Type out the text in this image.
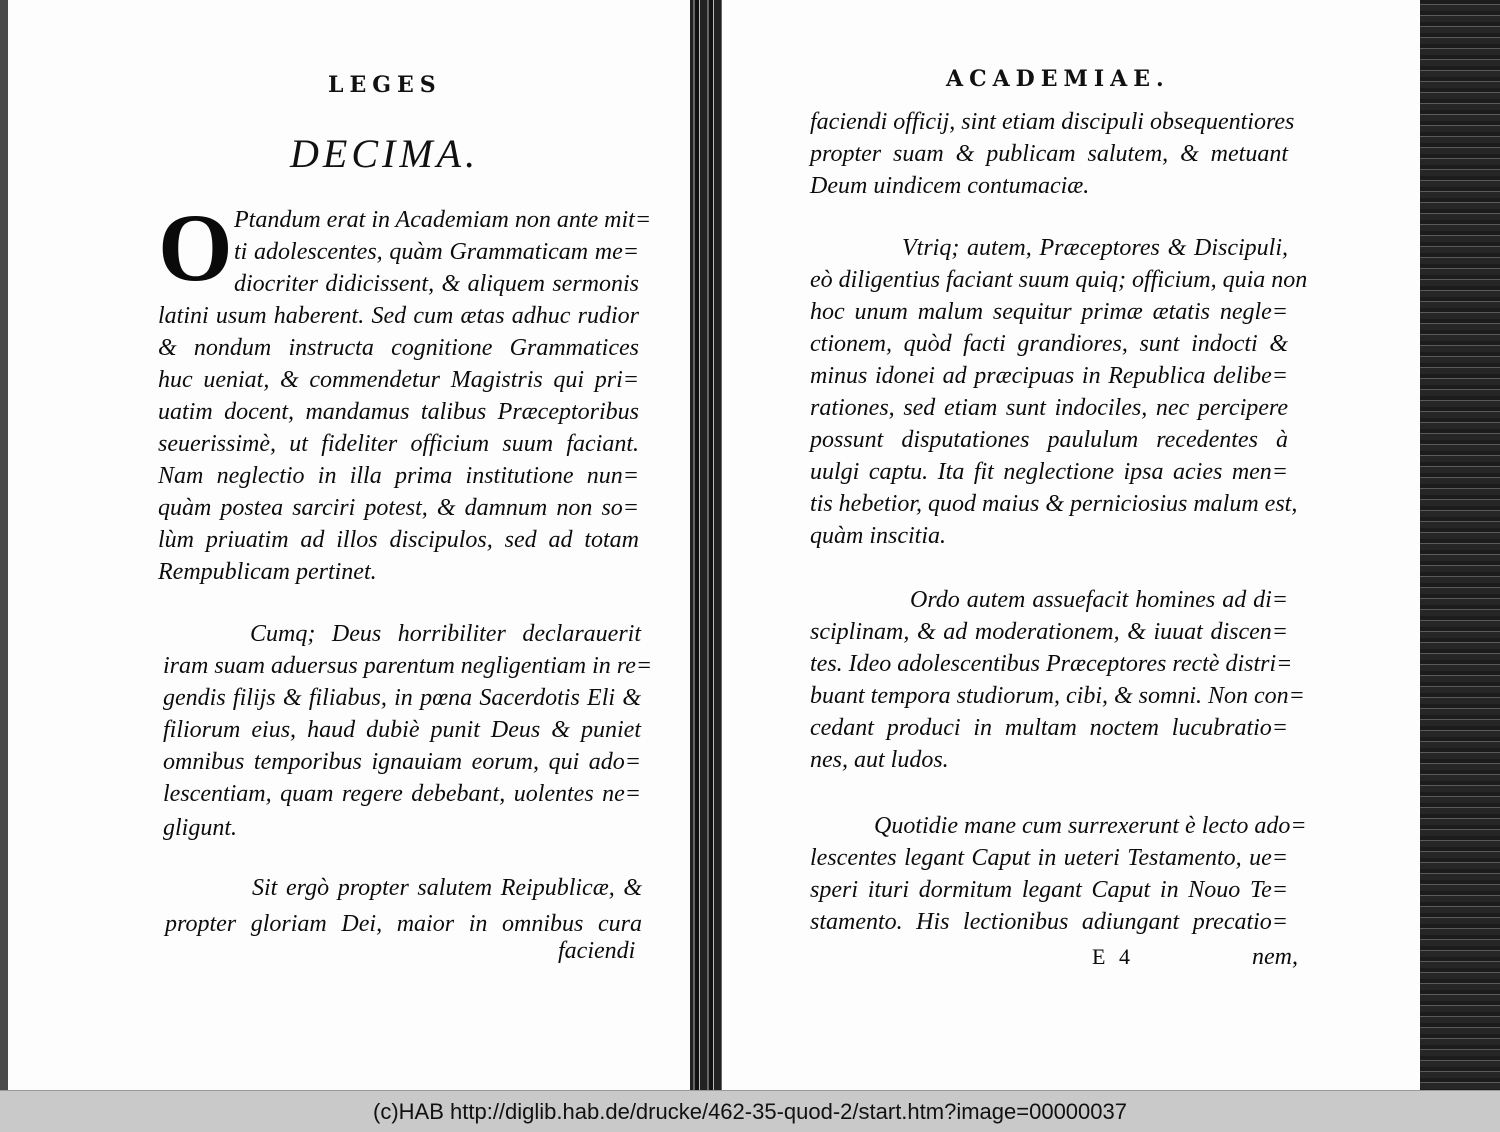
LEGES
DECIMA.
O Ptandum erat in Academiam non ante mit=
ti adolescentes, quàm Grammaticam me=
diocriter didicissent, & aliquem sermonis
latini usum haberent. Sed cum ætas adhuc rudior
& nondum instructa cognitione Grammatices
huc ueniat, & commendetur Magistris qui pri=
uatim docent, mandamus talibus Præceptoribus
seuerissimè, ut fideliter officium suum faciant.
Nam neglectio in illa prima institutione nun=
quàm postea sarciri potest, & damnum non so=
lùm priuatim ad illos discipulos, sed ad totam
Rempublicam pertinet.
Cumq; Deus horribiliter declarauerit
iram suam aduersus parentum negligentiam in re=
gendis filijs & filiabus, in pœna Sacerdotis Eli &
filiorum eius, haud dubiè punit Deus & puniet
omnibus temporibus ignauiam eorum, qui ado=
lescentiam, quam regere debebant, uolentes ne=
gligunt.
Sit ergò propter salutem Reipublicæ, &
propter gloriam Dei, maior in omnibus cura
faciendi
ACADEMIAE.
faciendi officij, sint etiam discipuli obsequentiores
propter suam & publicam salutem, & metuant
Deum uindicem contumaciæ.
Vtriq; autem, Præceptores & Discipuli,
eò diligentius faciant suum quiq; officium, quia non
hoc unum malum sequitur primæ ætatis negle=
ctionem, quòd facti grandiores, sunt indocti &
minus idonei ad præcipuas in Republica delibe=
rationes, sed etiam sunt indociles, nec percipere
possunt disputationes paululum recedentes à
uulgi captu. Ita fit neglectione ipsa acies men=
tis hebetior, quod maius & perniciosius malum est,
quàm inscitia.
Ordo autem assuefacit homines ad di=
sciplinam, & ad moderationem, & iuuat discen=
tes. Ideo adolescentibus Præceptores rectè distri=
buant tempora studiorum, cibi, & somni. Non con=
cedant produci in multam noctem lucubratio=
nes, aut ludos.
Quotidie mane cum surrexerunt è lecto ado=
lescentes legant Caput in ueteri Testamento, ue=
speri ituri dormitum legant Caput in Nouo Te=
stamento. His lectionibus adiungant precatio=
E 4	nem,
(c)HAB http://diglib.hab.de/drucke/462-35-quod-2/start.htm?image=00000037
